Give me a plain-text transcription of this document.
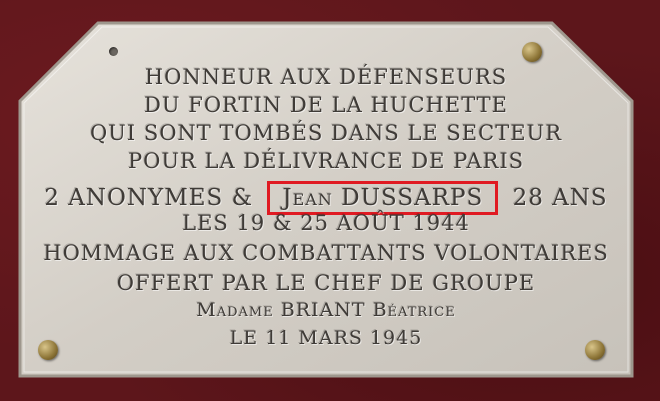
HONNEUR AUX DÉFENSEURS
DU FORTIN DE LA HUCHETTE
QUI SONT TOMBÉS DANS LE SECTEUR
POUR LA DÉLIVRANCE DE PARIS
2 ANONYMES & Jean DUSSARPS 28 ANS
LES 19 & 25 AOÛT 1944
HOMMAGE AUX COMBATTANTS VOLONTAIRES
OFFERT PAR LE CHEF DE GROUPE
Madame BRIANT Béatrice
LE 11 MARS 1945
